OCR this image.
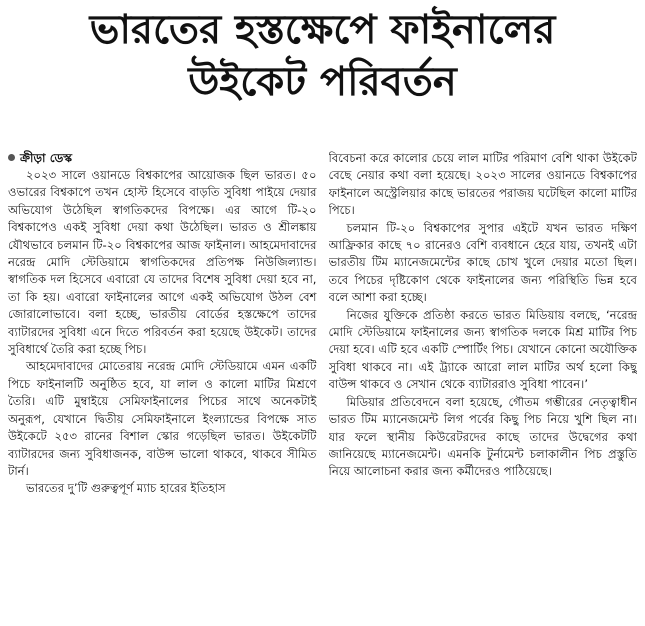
ভারতের হস্তক্ষেপে ফাইনালের
উইকেট পরিবর্তন

ক্রীড়া ডেস্ক

২০২৩ সালে ওয়ানডে বিশ্বকাপের আয়োজক ছিল ভারত। ৫০ ওভারের বিশ্বকাপে তখন হোস্ট হিসেবে বাড়তি সুবিধা পাইয়ে দেয়ার অভিযোগ উঠেছিল স্বাগতিকদের বিপক্ষে। এর আগে টি-২০ বিশ্বকাপেও একই সুবিধা দেয়া কথা উঠেছিল। ভারত ও শ্রীলঙ্কায় যৌথভাবে চলমান টি-২০ বিশ্বকাপের আজ ফাইনাল। আহমেদাবাদের নরেন্দ্র মোদি স্টেডিয়ামে স্বাগতিকদের প্রতিপক্ষ নিউজিল্যান্ড। স্বাগতিক দল হিসেবে এবারো যে তাদের বিশেষ সুবিধা দেয়া হবে না, তা কি হয়। এবারো ফাইনালের আগে একই অভিযোগ উঠল বেশ জোরালোভাবে। বলা হচ্ছে, ভারতীয় বোর্ডের হস্তক্ষেপে তাদের ব্যাটারদের সুবিধা এনে দিতে পরিবর্তন করা হয়েছে উইকেট। তাদের সুবিধার্থে তৈরি করা হচ্ছে পিচ।

আহমেদাবাদের মোতেরায় নরেন্দ্র মোদি স্টেডিয়ামে এমন একটি পিচে ফাইনালটি অনুষ্ঠিত হবে, যা লাল ও কালো মাটির মিশ্রণে তৈরি। এটি মুম্বাইয়ে সেমিফাইনালের পিচের সাথে অনেকটাই অনুরূপ, যেখানে দ্বিতীয় সেমিফাইনালে ইংল্যান্ডের বিপক্ষে সাত উইকেটে ২৫৩ রানের বিশাল স্কোর গড়েছিল ভারত। উইকেটটি ব্যাটারদের জন্য সুবিধাজনক, বাউন্স ভালো থাকবে, থাকবে সীমিত টার্ন।

ভারতের দু’টি গুরুত্বপূর্ণ ম্যাচ হারের ইতিহাস

বিবেচনা করে কালোর চেয়ে লাল মাটির পরিমাণ বেশি থাকা উইকেট বেছে নেয়ার কথা বলা হয়েছে। ২০২৩ সালের ওয়ানডে বিশ্বকাপের ফাইনালে অস্ট্রেলিয়ার কাছে ভারতের পরাজয় ঘটেছিল কালো মাটির পিচে।

চলমান টি-২০ বিশ্বকাপের সুপার এইটে যখন ভারত দক্ষিণ আফ্রিকার কাছে ৭০ রানেরও বেশি ব্যবধানে হেরে যায়, তখনই এটা ভারতীয় টিম ম্যানেজমেন্টের কাছে চোখ খুলে দেয়ার মতো ছিল। তবে পিচের দৃষ্টিকোণ থেকে ফাইনালের জন্য পরিস্থিতি ভিন্ন হবে বলে আশা করা হচ্ছে।

নিজের যুক্তিকে প্রতিষ্ঠা করতে ভারত মিডিয়ায় বলছে, ‘নরেন্দ্র মোদি স্টেডিয়ামে ফাইনালের জন্য স্বাগতিক দলকে মিশ্র মাটির পিচ দেয়া হবে। এটি হবে একটি স্পোর্টিং পিচ। যেখানে কোনো অযৌক্তিক সুবিধা থাকবে না। এই ট্র্যাকে আরো লাল মাটির অর্থ হলো কিছু বাউন্স থাকবে ও সেখান থেকে ব্যাটাররাও সুবিধা পাবেন।’

মিডিয়ার প্রতিবেদনে বলা হয়েছে, গৌতম গম্ভীরের নেতৃত্বাধীন ভারত টিম ম্যানেজমেন্ট লিগ পর্বের কিছু পিচ নিয়ে খুশি ছিল না। যার ফলে স্থানীয় কিউরেটরদের কাছে তাদের উদ্বেগের কথা জানিয়েছে ম্যানেজমেন্ট। এমনকি টুর্নামেন্ট চলাকালীন পিচ প্রস্তুতি নিয়ে আলোচনা করার জন্য কর্মীদেরও পাঠিয়েছে।
